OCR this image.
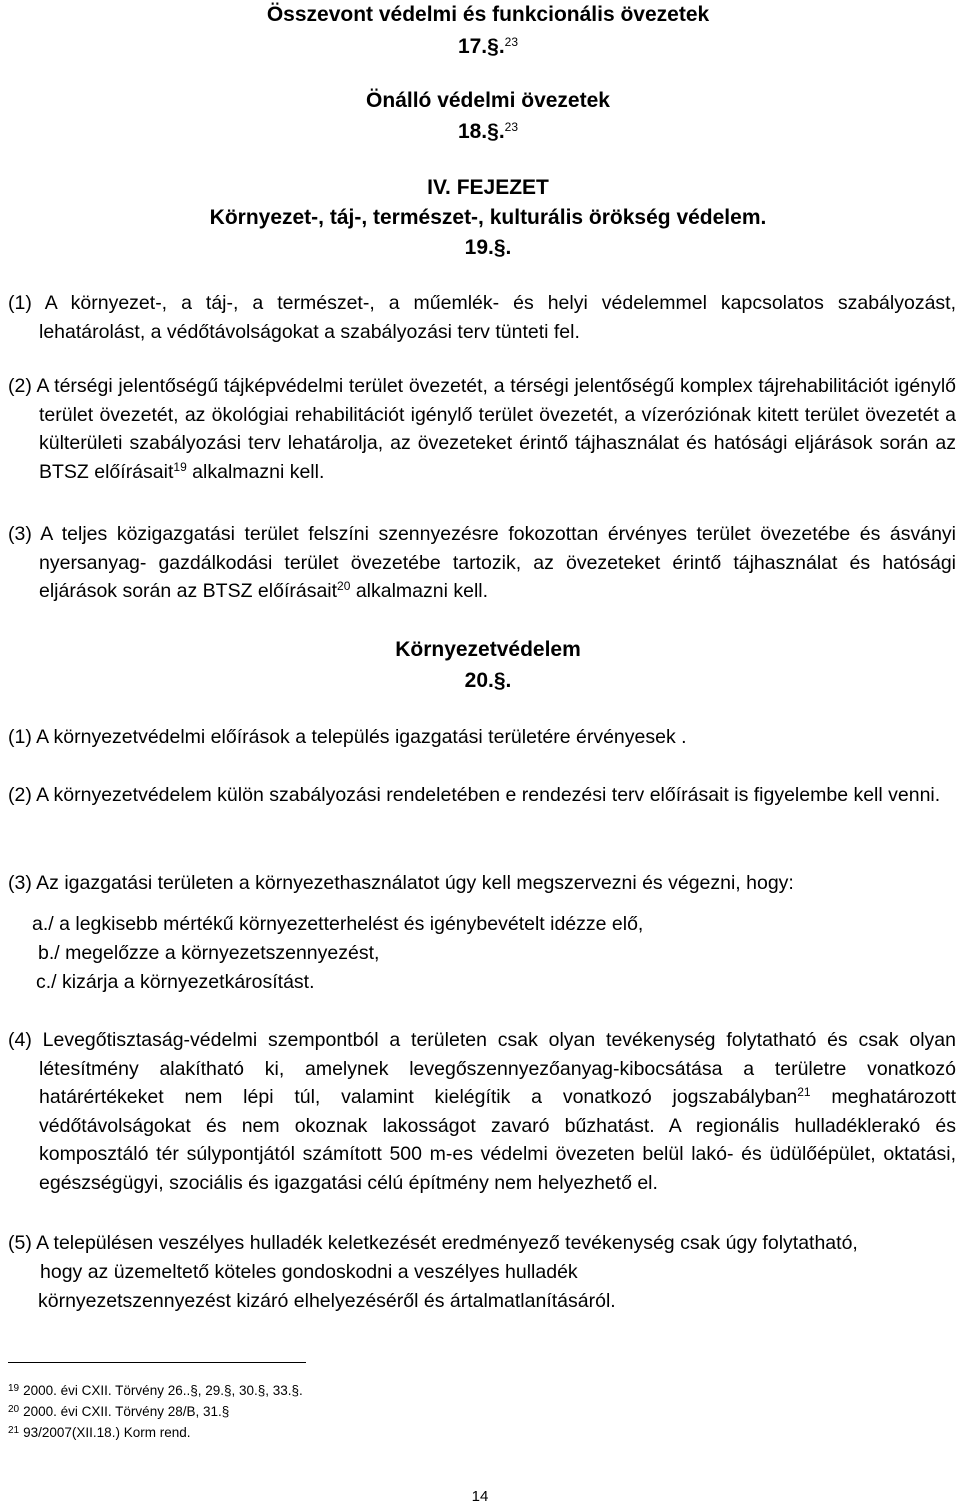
Összevont védelmi és funkcionális övezetek
17.§.$^{23}$
Önálló védelmi övezetek
18.§.$^{23}$
IV. FEJEZET
Környezet-, táj-, természet-, kulturális örökség védelem.
19.§.
(1) A környezet-, a táj-, a természet-, a műemlék- és helyi védelemmel kapcsolatos szabályozást, lehatárolást, a védőtávolságokat a szabályozási terv tünteti fel.
(2) A térségi jelentőségű tájképvédelmi terület övezetét, a térségi jelentőségű komplex tájrehabilitációt igénylő terület övezetét, az ökológiai rehabilitációt igénylő terület övezetét, a vízeróziónak kitett terület övezetét a külterületi szabályozási terv lehatárolja, az övezeteket érintő tájhasználat és hatósági eljárások során az BTSZ előírásait$^{19}$ alkalmazni kell.
(3) A teljes közigazgatási terület felszíni szennyezésre fokozottan érvényes terület övezetébe és ásványi nyersanyag- gazdálkodási terület övezetébe tartozik, az övezeteket érintő tájhasználat és hatósági eljárások során az BTSZ előírásait$^{20}$ alkalmazni kell.
Környezetvédelem
20.§.
(1) A környezetvédelmi előírások a település igazgatási területére érvényesek .
(2) A környezetvédelem külön szabályozási rendeletében e rendezési terv előírásait is figyelembe kell venni.
(3) Az igazgatási területen a környezethasználatot úgy kell megszervezni és végezni, hogy:
a./ a legkisebb mértékű környezetterhelést és igénybevételt idézze elő,
b./ megelőzze a környezetszennyezést,
c./ kizárja a környezetkárosítást.
(4) Levegőtisztaság-védelmi szempontból a területen csak olyan tevékenység folytatható és csak olyan létesítmény alakítható ki, amelynek levegőszennyezőanyag-kibocsátása a területre vonatkozó határértékeket nem lépi túl, valamint kielégítik a vonatkozó jogszabályban$^{21}$ meghatározott védőtávolságokat és nem okoznak lakosságot zavaró bűzhatást. A regionális hulladéklerakó és komposztáló tér súlypontjától számított 500 m-es védelmi övezeten belül lakó- és üdülőépület, oktatási, egészségügyi, szociális és igazgatási célú építmény nem helyezhető el.
(5) A településen veszélyes hulladék keletkezését eredményező tevékenység csak úgy folytatható,
hogy az üzemeltető köteles gondoskodni a veszélyes hulladék
környezetszennyezést kizáró elhelyezéséről és ártalmatlanításáról.
$^{19}$ 2000. évi CXII. Törvény 26..§, 29.§, 30.§, 33.§.
$^{20}$ 2000. évi CXII. Törvény 28/B, 31.§
$^{21}$ 93/2007(XII.18.) Korm rend.
14
